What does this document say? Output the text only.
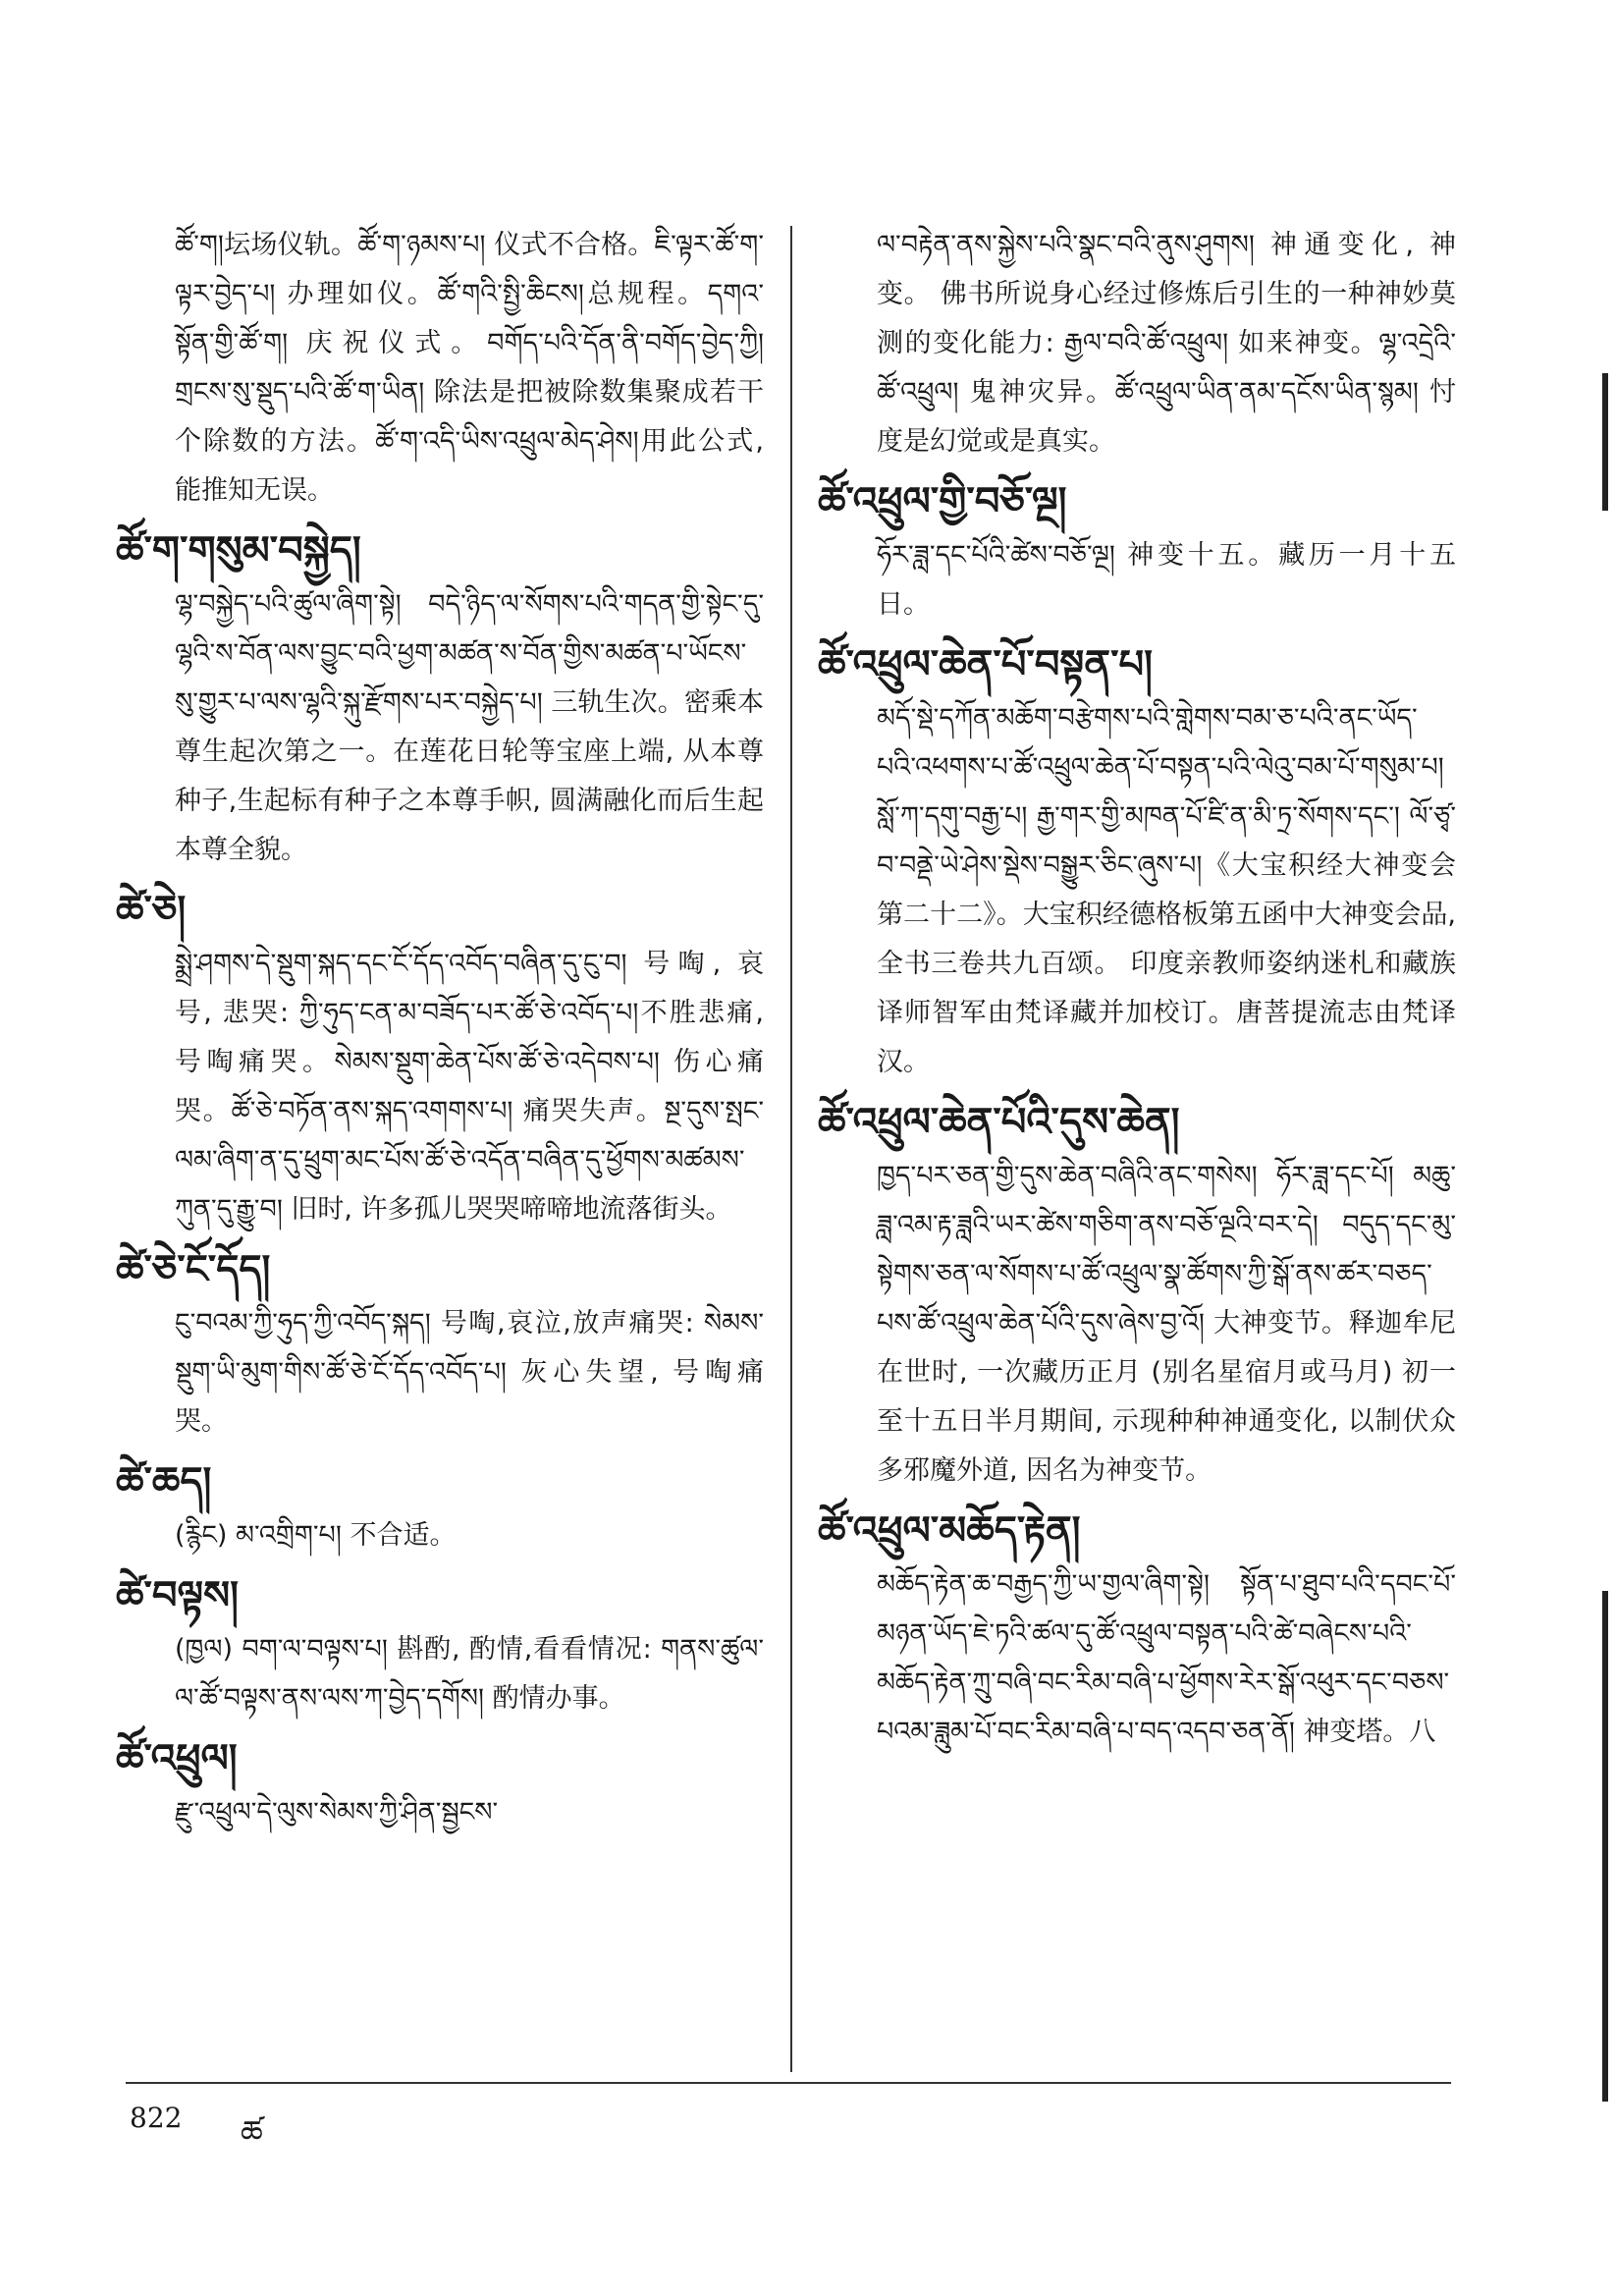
ཚོ་ག།坛场仪轨。ཚོ་ག་ཉམས་པ། 仪式不合格。ཇི་ལྟར་ཚོ་ག་ལྟར་བྱེད་པ། 办理如仪。ཚོ་གའི་སྤྱི་ཆིངས།总规程。དགའ་སྟོན་གྱི་ཚོ་ག། 庆祝仪式。བགོད་པའི་དོན་ནི་བགོད་བྱེད་ཀྱི། གྲངས་སུ་སྡུད་པའི་ཚོ་ག་ཡིན། 除法是把被除数集聚成若干个除数的方法。ཚོ་ག་འདི་ཡིས་འཕྲུལ་མེད་ཤེས།用此公式,能推知无误。
ཚོ་ག་གསུམ་བསྐྱེད།
ལྷ་བསྐྱེད་པའི་ཚུལ་ཞིག་སྟེ། བདེ་ཉིད་ལ་སོགས་པའི་གདན་གྱི་སྟེང་དུ་ལྷའི་ས་བོན་ལས་བྱུང་བའི་ཕྱག་མཚན་ས་བོན་གྱིས་མཚན་པ་ཡོངས་སུ་གྱུར་པ་ལས་ལྷའི་སྐུ་རྫོགས་པར་བསྐྱེད་པ། 三轨生次。密乘本尊生起次第之一。在莲花日轮等宝座上端, 从本尊种子,生起标有种子之本尊手帜, 圆满融化而后生起本尊全貌。
ཚེ་ཅེ།
སྨྲེ་ཤགས་དེ་སྡུག་སྐད་དང་ངོ་དོད་འབོད་བཞིན་དུ་ངུ་བ། 号啕, 哀号, 悲哭: ཀྱི་ཧུད་ངན་མ་བཟོད་པར་ཚོ་ཅེ་འབོད་པ།不胜悲痛,号啕痛哭。སེམས་སྡུག་ཆེན་པོས་ཚོ་ཅེ་འདེབས་པ། 伤心痛哭。ཚོ་ཅེ་བཏོན་ནས་སྐད་འགགས་པ། 痛哭失声。སྔ་དུས་སྤང་ལམ་ཞིག་ན་དུ་ཕྲུག་མང་པོས་ཚོ་ཅེ་འདོན་བཞིན་དུ་ཕྱོགས་མཚམས་ཀུན་དུ་རྒྱུ་བ། 旧时, 许多孤儿哭哭啼啼地流落街头。
ཚེ་ཅེ་ངོ་དོད།
ངུ་བའམ་ཀྱི་ཧུད་ཀྱི་འབོད་སྐད། 号啕,哀泣,放声痛哭: སེམས་སྡུག་ཡི་མུག་གིས་ཚོ་ཅེ་ངོ་དོད་འབོད་པ། 灰心失望, 号啕痛哭。
ཚེ་ཆད།
(རྙིང) མ་འགྲིག་པ། 不合适。
ཚེ་བལྟས།
(ཁྱལ) བག་ལ་བལྟས་པ། 斟酌, 酌情,看看情况: གནས་ཚུལ་ལ་ཚོ་བལྟས་ནས་ལས་ཀ་བྱེད་དགོས། 酌情办事。
ཚོ་འཕྲུལ།
རྫུ་འཕྲུལ་དེ་ལུས་སེམས་ཀྱི་ཤིན་སྦྱངས་
ལ་བརྟེན་ནས་སྐྱེས་པའི་སྣང་བའི་ནུས་ཤུགས། 神通变化, 神变。 佛书所说身心经过修炼后引生的一种神妙莫测的变化能力: རྒྱལ་བའི་ཚོ་འཕྲུལ། 如来神变。ལྷ་འདྲེའི་ཚོ་འཕྲུལ། 鬼神灾异。ཚོ་འཕྲུལ་ཡིན་ནམ་དངོས་ཡིན་སྙམ། 忖度是幻觉或是真实。
ཚོ་འཕྲུལ་གྱི་བཅོ་ལྔ།
ཧོར་ཟླ་དང་པོའི་ཚེས་བཅོ་ལྔ། 神变十五。藏历一月十五日。
ཚོ་འཕྲུལ་ཆེན་པོ་བསྟན་པ།
མདོ་སྡེ་དཀོན་མཆོག་བརྩེགས་པའི་གླེགས་བམ་ཅ་པའི་ནང་ཡོད་པའི་འཕགས་པ་ཚོ་འཕྲུལ་ཆེན་པོ་བསྟན་པའི་ལེའུ་བམ་པོ་གསུམ་པ། སློ་ཀ་དགུ་བརྒྱ་པ། རྒྱ་གར་གྱི་མཁན་པོ་ཛི་ན་མི་ཏྲ་སོགས་དང་། ལོ་ཙྭ་བ་བནྡེ་ཡེ་ཤེས་སྡེས་བསྒྱུར་ཅིང་ཞུས་པ།《大宝积经大神变会第二十二》。大宝积经德格板第五函中大神变会品,全书三卷共九百颂。 印度亲教师姿纳迷札和藏族译师智军由梵译藏并加校订。唐菩提流志由梵译汉。
ཚོ་འཕྲུལ་ཆེན་པོའི་དུས་ཆེན།
ཁྱད་པར་ཅན་གྱི་དུས་ཆེན་བཞིའི་ནང་གསེས། ཧོར་ཟླ་དང་པོ། མཆུ་ཟླ་འམ་རྟ་ཟླའི་ཡར་ཚེས་གཅིག་ནས་བཅོ་ལྔའི་བར་དེ། བདུད་དང་མུ་སྟེགས་ཅན་ལ་སོགས་པ་ཚོ་འཕྲུལ་སྣ་ཚོགས་ཀྱི་སྒོ་ནས་ཚར་བཅད་པས་ཚོ་འཕྲུལ་ཆེན་པོའི་དུས་ཞེས་བྱ་འོ། 大神变节。释迦牟尼在世时, 一次藏历正月 (别名星宿月或马月) 初一至十五日半月期间, 示现种种神通变化, 以制伏众多邪魔外道, 因名为神变节。
ཚོ་འཕྲུལ་མཆོད་རྟེན།
མཆོད་རྟེན་ཆ་བརྒྱད་ཀྱི་ཡ་གྱལ་ཞིག་སྟེ། སྟོན་པ་ཐུབ་པའི་དབང་པོ་མཉན་ཡོད་ཇེ་ཏའི་ཚལ་དུ་ཚོ་འཕྲུལ་བསྟན་པའི་ཚེ་བཞེངས་པའི་མཆོད་རྟེན་ཀྲུ་བཞི་བང་རིམ་བཞི་པ་ཕྱོགས་རེར་སྒོ་འཕུར་དང་བཅས་པའམ་ཟླུམ་པོ་བང་རིམ་བཞི་པ་བད་འདབ་ཅན་ནོ། 神变塔。八
822 ཚ
